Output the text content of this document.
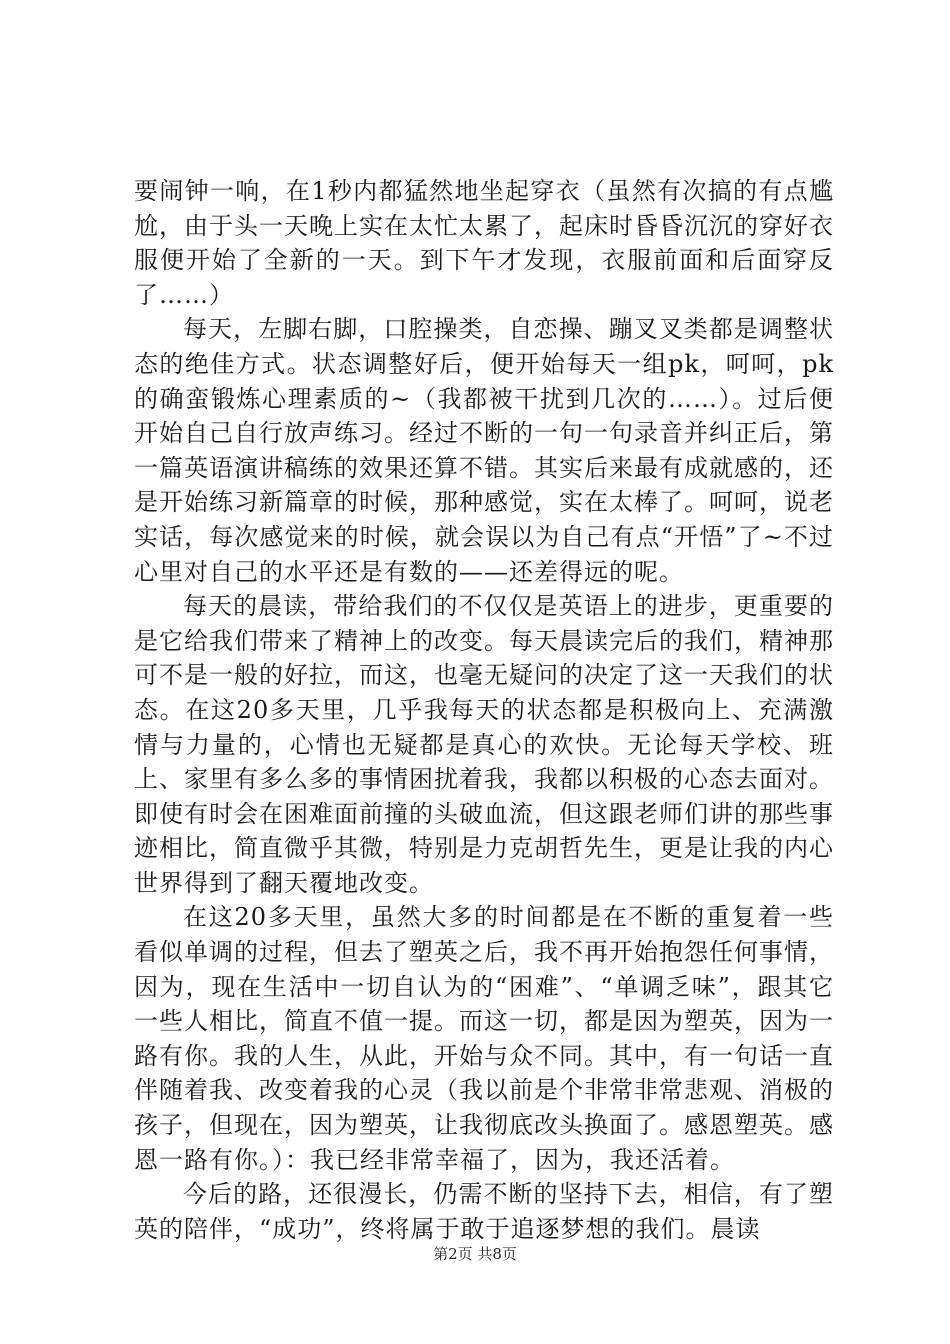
要闹钟一响，在1秒内都猛然地坐起穿衣（虽然有次搞的有点尴尬，由于头一天晚上实在太忙太累了，起床时昏昏沉沉的穿好衣服便开始了全新的一天。到下午才发现，衣服前面和后面穿反了……）

每天，左脚右脚，口腔操类，自恋操、蹦叉叉类都是调整状态的绝佳方式。状态调整好后，便开始每天一组pk，呵呵，pk的确蛮锻炼心理素质的~（我都被干扰到几次的……）。过后便开始自己自行放声练习。经过不断的一句一句录音并纠正后，第一篇英语演讲稿练的效果还算不错。其实后来最有成就感的，还是开始练习新篇章的时候，那种感觉，实在太棒了。呵呵，说老实话，每次感觉来的时候，就会误以为自己有点“开悟”了~不过心里对自己的水平还是有数的——还差得远的呢。

每天的晨读，带给我们的不仅仅是英语上的进步，更重要的是它给我们带来了精神上的改变。每天晨读完后的我们，精神那可不是一般的好拉，而这，也毫无疑问的决定了这一天我们的状态。在这20多天里，几乎我每天的状态都是积极向上、充满激情与力量的，心情也无疑都是真心的欢快。无论每天学校、班上、家里有多么多的事情困扰着我，我都以积极的心态去面对。即使有时会在困难面前撞的头破血流，但这跟老师们讲的那些事迹相比，简直微乎其微，特别是力克胡哲先生，更是让我的内心世界得到了翻天覆地改变。

在这20多天里，虽然大多的时间都是在不断的重复着一些看似单调的过程，但去了塑英之后，我不再开始抱怨任何事情，因为，现在生活中一切自认为的“困难”、“单调乏味”，跟其它一些人相比，简直不值一提。而这一切，都是因为塑英，因为一路有你。我的人生，从此，开始与众不同。其中，有一句话一直伴随着我、改变着我的心灵（我以前是个非常非常悲观、消极的孩子，但现在，因为塑英，让我彻底改头换面了。感恩塑英。感恩一路有你。）：我已经非常幸福了，因为，我还活着。

今后的路，还很漫长，仍需不断的坚持下去，相信，有了塑英的陪伴，“成功”，终将属于敢于追逐梦想的我们。晨读

第2页 共8页
